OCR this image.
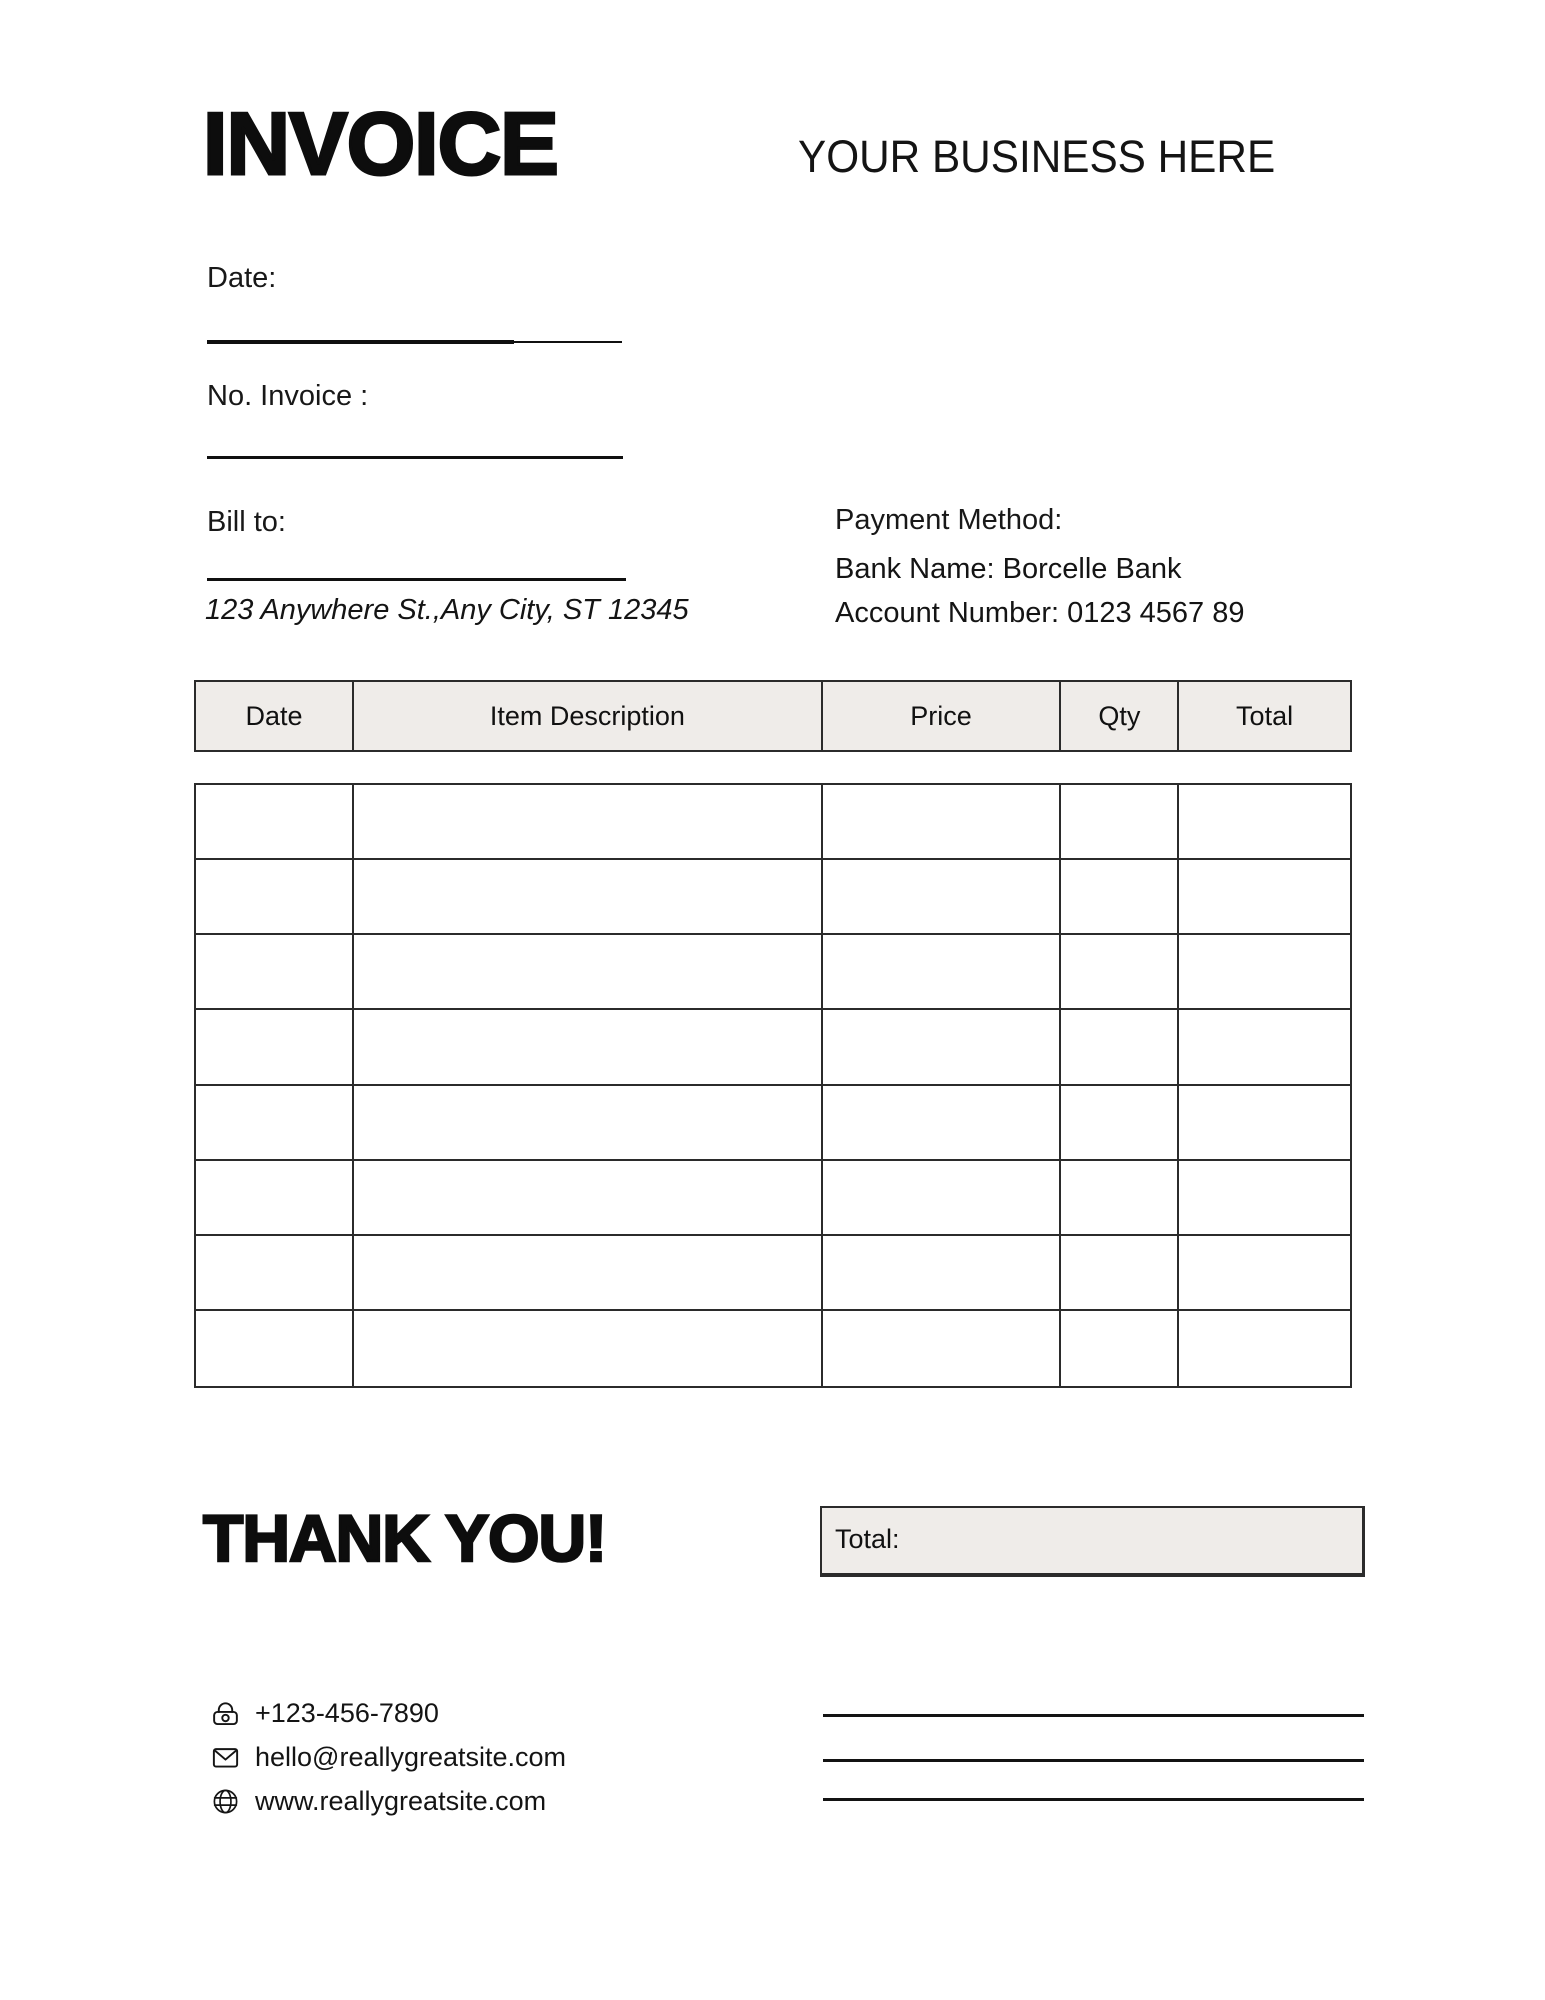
INVOICE	YOUR BUSINESS HERE
Date:
No. Invoice :
Bill to:
123 Anywhere St.,Any City, ST 12345
Payment Method:
Bank Name: Borcelle Bank
Account Number: 0123 4567 89
Date	Item Description	Price	Qty	Total
THANK YOU!	Total:
+123-456-7890
hello@reallygreatsite.com
www.reallygreatsite.com
